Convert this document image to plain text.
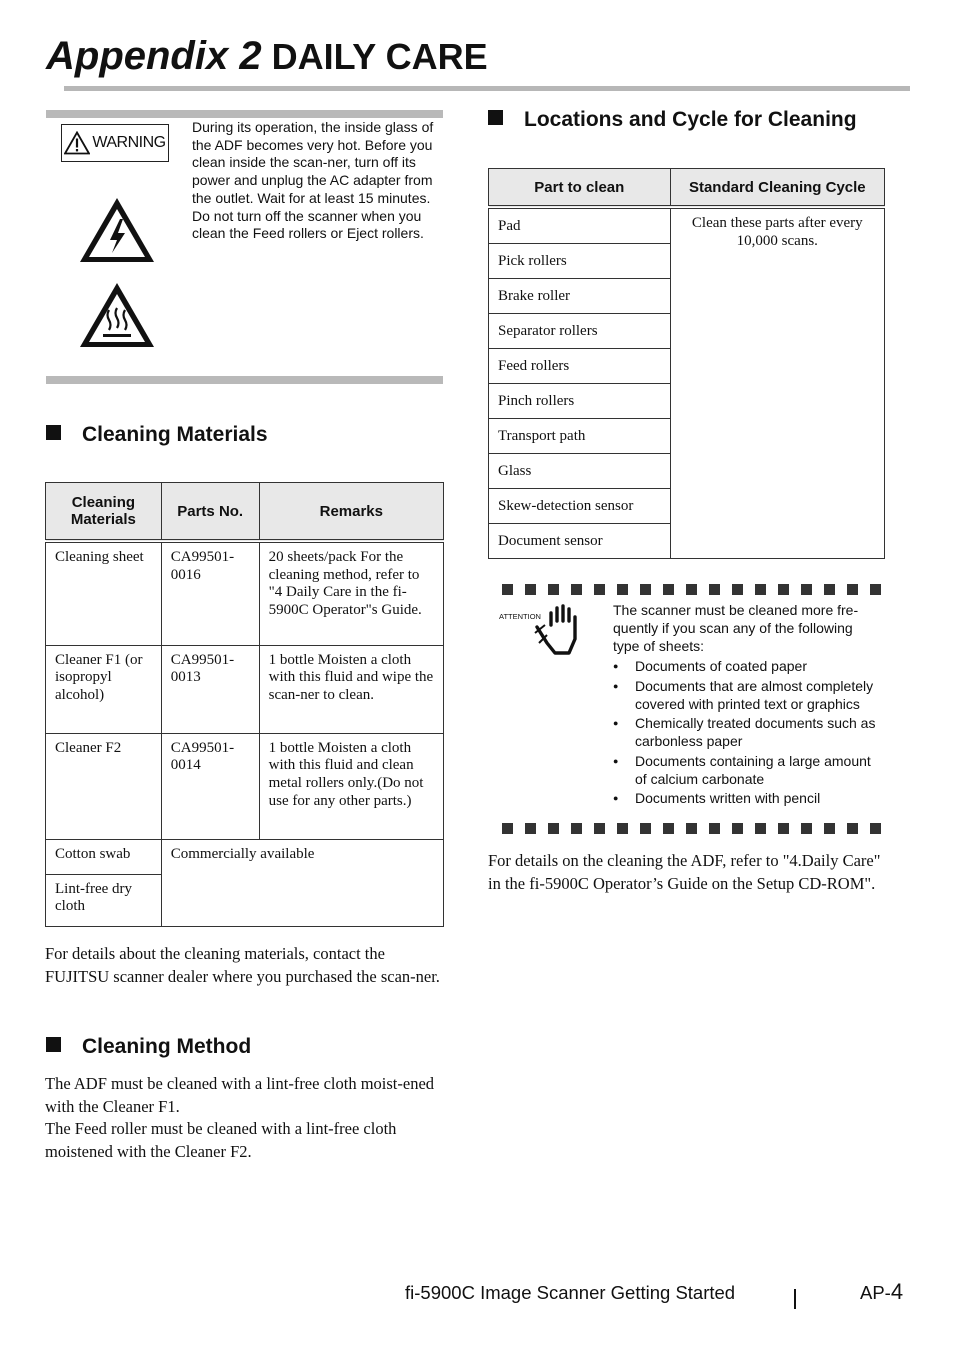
Appendix 2 DAILY CARE
WARNING

During its operation, the inside glass of the ADF becomes very hot. Before you clean inside the scan-ner, turn off its power and unplug the AC adapter from the outlet. Wait for at least 15 minutes.

Do not turn off the scanner when you clean the Feed rollers or Eject rollers.

Cleaning Materials
Cleaning Materials	Parts No.	Remarks

Cleaning sheet	CA99501-0016	20 sheets/pack For the cleaning method, refer to "4 Daily Care in the fi-5900C Operator"s Guide.

Cleaner F1 (or isopropyl alcohol)	CA99501-0013	1 bottle Moisten a cloth with this fluid and wipe the scan-ner to clean.

Cleaner F2	CA99501-0014	1 bottle Moisten a cloth with this fluid and clean metal rollers only.(Do not use for any other parts.)

Cotton swab	Commercially available	

Lint-free dry cloth		
For details about the cleaning materials, contact the FUJITSU scanner dealer where you purchased the scan-ner.
Cleaning Method
The ADF must be cleaned with a lint-free cloth moist-ened with the Cleaner F1.
The Feed roller must be cleaned with a lint-free cloth moistened with the Cleaner F2.
Locations and Cycle for Cleaning
Part to clean	Standard Cleaning Cycle
Pad	Clean these parts after every 10,000 scans.

Pick rollers	
Brake roller	
Separator rollers	
Feed rollers	
Pinch rollers	
Transport path	
Glass	
Skew-detection sensor	
Document sensor	
ATTENTION	The scanner must be cleaned more fre-quently if you scan any of the following type of sheets:
● Documents of coated paper
● Documents that are almost completely covered with printed text or graphics
● Chemically treated documents such as carbonless paper
● Documents containing a large amount of calcium carbonate
● Documents written with pencil
For details on the cleaning the ADF, refer to "4.Daily Care" in the fi-5900C Operator’s Guide on the Setup CD-ROM".
fi-5900C Image Scanner Getting Started	AP-4
